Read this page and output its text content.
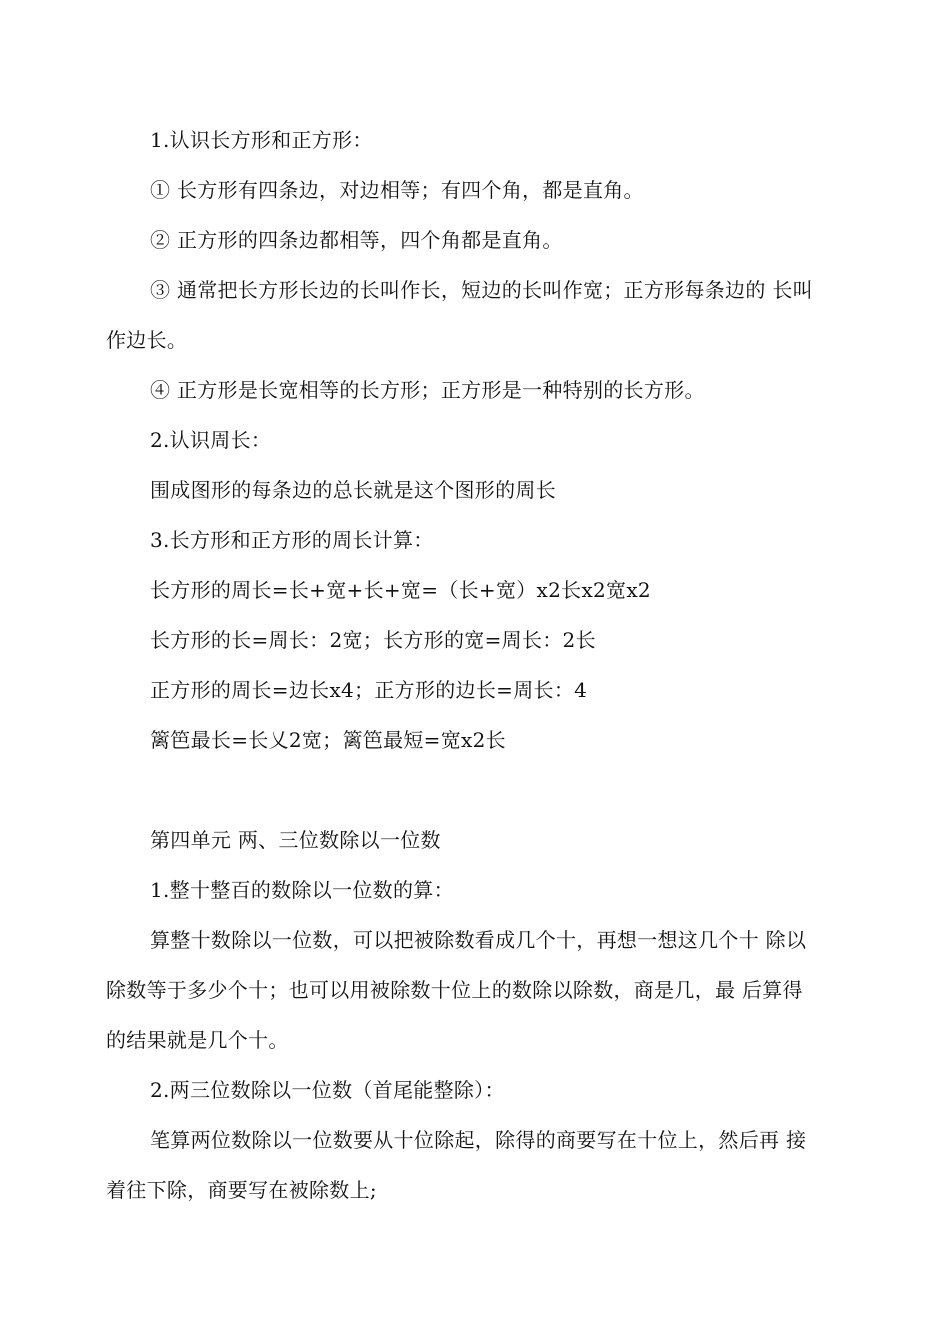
1.认识长方形和正方形：
① 长方形有四条边，对边相等；有四个角，都是直角。
② 正方形的四条边都相等，四个角都是直角。
③ 通常把长方形长边的长叫作长，短边的长叫作宽；正方形每条边的 长叫
作边长。
④ 正方形是长宽相等的长方形；正方形是一种特别的长方形。
2.认识周长：
围成图形的每条边的总长就是这个图形的周长
3.长方形和正方形的周长计算：
长方形的周长=长+宽+长+宽=（长+宽）x2长x2宽x2
长方形的长=周长：2宽；长方形的宽=周长：2长
正方形的周长=边长x4；正方形的边长=周长：4
篱笆最长=长乂2宽；篱笆最短=宽x2长
第四单元 两、三位数除以一位数
1.整十整百的数除以一位数的算：
算整十数除以一位数，可以把被除数看成几个十，再想一想这几个十 除以
除数等于多少个十；也可以用被除数十位上的数除以除数，商是几，最 后算得
的结果就是几个十。
2.两三位数除以一位数（首尾能整除）：
笔算两位数除以一位数要从十位除起，除得的商要写在十位上，然后再 接
着往下除，商要写在被除数上;
